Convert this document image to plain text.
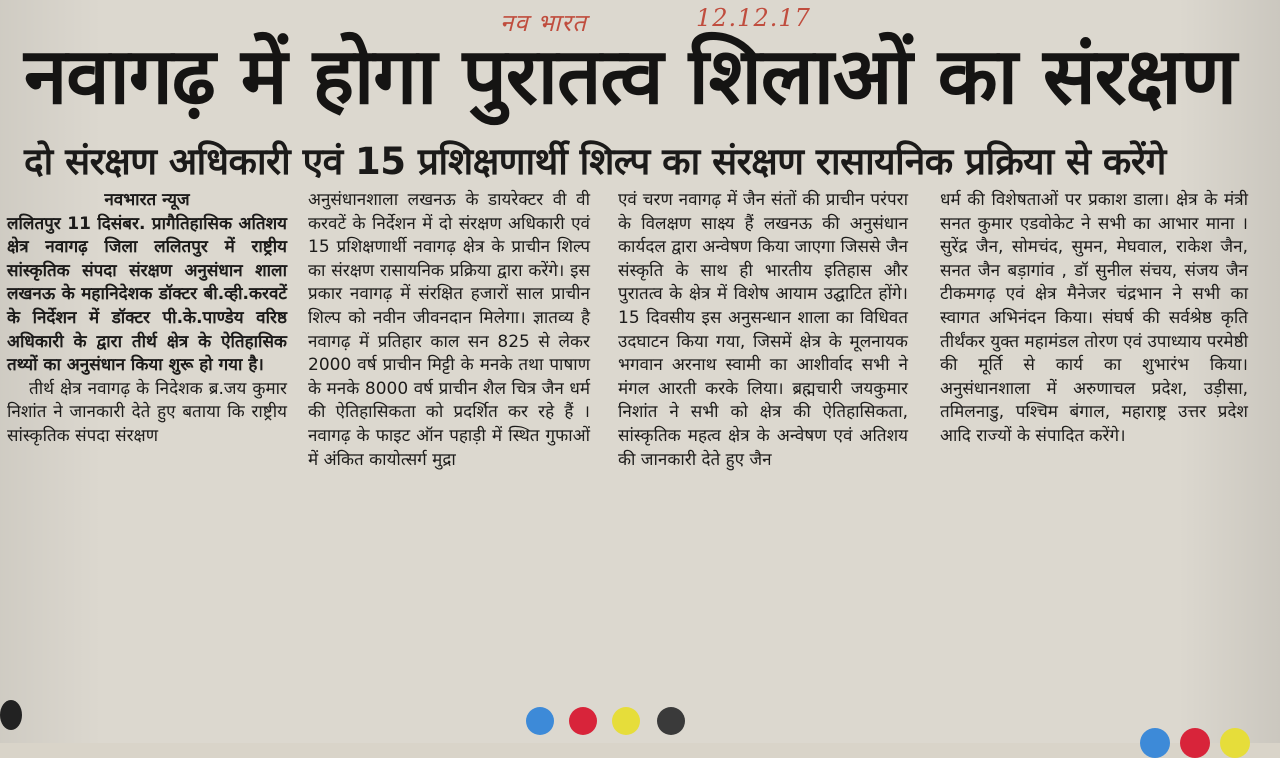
नव भारत	12.12.17
नवागढ़ में होगा पुरातत्व शिलाओं का संरक्षण
दो संरक्षण अधिकारी एवं 15 प्रशिक्षणार्थी शिल्प का संरक्षण रासायनिक प्रक्रिया से करेंगे
नवभारत न्यूज

ललितपुर 11 दिसंबर. प्रागैतिहासिक अतिशय क्षेत्र नवागढ़ जिला ललितपुर में राष्ट्रीय सांस्कृतिक संपदा संरक्षण अनुसंधान शाला लखनऊ के महानिदेशक डॉक्टर बी.व्ही.करवटें के निर्देशन में डॉक्टर पी.के.पाण्डेय वरिष्ठ अधिकारी के द्वारा तीर्थ क्षेत्र के ऐतिहासिक तथ्यों का अनुसंधान किया शुरू हो गया है।

तीर्थ क्षेत्र नवागढ़ के निदेशक ब्र.जय कुमार निशांत ने जानकारी देते हुए बताया कि राष्ट्रीय सांस्कृतिक संपदा संरक्षण

अनुसंधानशाला लखनऊ के डायरेक्टर वी वी करवटें के निर्देशन में दो संरक्षण अधिकारी एवं 15 प्रशिक्षणार्थी नवागढ़ क्षेत्र के प्राचीन शिल्प का संरक्षण रासायनिक प्रक्रिया द्वारा करेंगे। इस प्रकार नवागढ़ में संरक्षित हजारों साल प्राचीन शिल्प को नवीन जीवनदान मिलेगा। ज्ञातव्य है नवागढ़ में प्रतिहार काल सन 825 से लेकर 2000 वर्ष प्राचीन मिट्टी के मनके तथा पाषाण के मनके 8000 वर्ष प्राचीन शैल चित्र जैन धर्म की ऐतिहासिकता को प्रदर्शित कर रहे हैं । नवागढ़ के फाइट ऑन पहाड़ी में स्थित गुफाओं में अंकित कायोत्सर्ग मुद्रा

एवं चरण नवागढ़ में जैन संतों की प्राचीन परंपरा के विलक्षण साक्ष्य हैं लखनऊ की अनुसंधान कार्यदल द्वारा अन्वेषण किया जाएगा जिससे जैन संस्कृति के साथ ही भारतीय इतिहास और पुरातत्व के क्षेत्र में विशेष आयाम उद्घाटित होंगे। 15 दिवसीय इस अनुसन्धान शाला का विधिवत उदघाटन किया गया, जिसमें क्षेत्र के मूलनायक भगवान अरनाथ स्वामी का आशीर्वाद सभी ने मंगल आरती करके लिया। ब्रह्मचारी जयकुमार निशांत ने सभी को क्षेत्र की ऐतिहासिकता, सांस्कृतिक महत्व क्षेत्र के अन्वेषण एवं अतिशय की जानकारी देते हुए जैन

धर्म की विशेषताओं पर प्रकाश डाला। क्षेत्र के मंत्री सनत कुमार एडवोकेट ने सभी का आभार माना । सुरेंद्र जैन, सोमचंद, सुमन, मेघवाल, राकेश जैन, सनत जैन बड़ागांव , डॉ सुनील संचय, संजय जैन टीकमगढ़ एवं क्षेत्र मैनेजर चंद्रभान ने सभी का स्वागत अभिनंदन किया। संघर्ष की सर्वश्रेष्ठ कृति तीर्थंकर युक्त महामंडल तोरण एवं उपाध्याय परमेष्ठी की मूर्ति से कार्य का शुभारंभ किया। अनुसंधानशाला में अरुणाचल प्रदेश, उड़ीसा, तमिलनाडु, पश्चिम बंगाल, महाराष्ट्र उत्तर प्रदेश आदि राज्यों के संपादित करेंगे।
